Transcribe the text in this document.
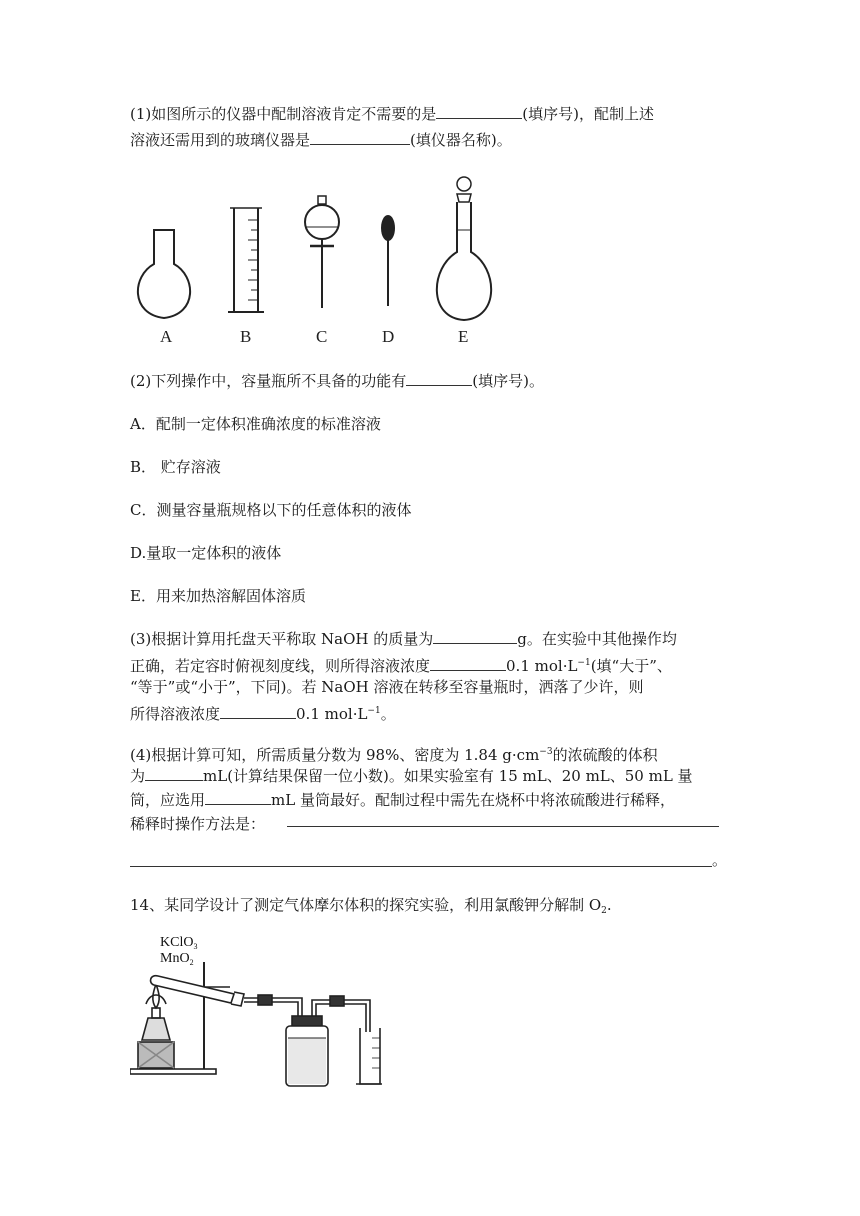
(1)如图所示的仪器中配制溶液肯定不需要的是	(填序号)，配制上述
溶液还需用到的玻璃仪器是	(填仪器名称)。
A	B	C	D	E
(2)下列操作中，容量瓶所不具备的功能有	(填序号)。
A．配制一定体积准确浓度的标准溶液
B． 贮存溶液
C．测量容量瓶规格以下的任意体积的液体
D.量取一定体积的液体
E．用来加热溶解固体溶质
(3)根据计算用托盘天平称取 NaOH 的质量为	g。在实验中其他操作均
正确，若定容时俯视刻度线，则所得溶液浓度	0.1 $mol\cdot L^{-1}$(填“大于”、
“等于”或“小于”，下同)。若 NaOH 溶液在转移至容量瓶时，洒落了少许，则
所得溶液浓度	0.1 $mol\cdot L^{-1}$。
(4)根据计算可知，所需质量分数为 98%、密度为 1.84 $g\cdot cm^{-3}$的浓硫酸的体积
为	mL(计算结果保留一位小数)。如果实验室有 15 mL、20 mL、50 mL 量
筒，应选用	mL 量筒最好。配制过程中需先在烧杯中将浓硫酸进行稀释，
稀释时操作方法是：
。
14、某同学设计了测定气体摩尔体积的探究实验，利用氯酸钾分解制 $O_2$.
KClO$_3$
MnO$_2$
